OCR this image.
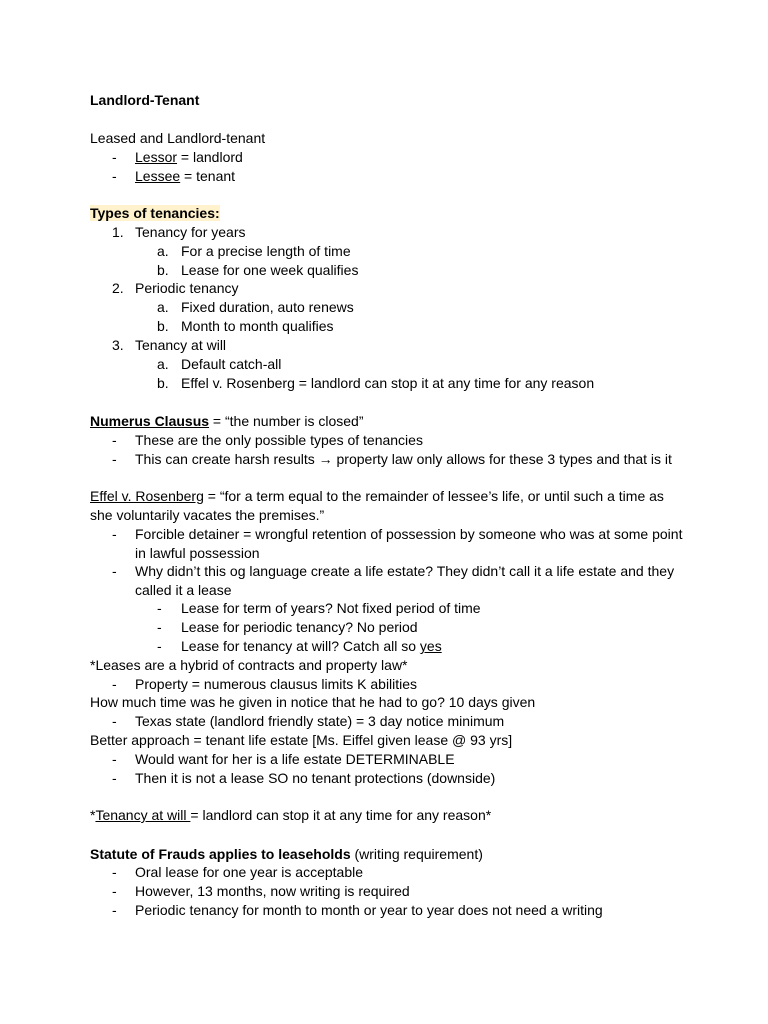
Landlord-Tenant
Leased and Landlord-tenant
- Lessor = landlord
- Lessee = tenant
Types of tenancies:
1. Tenancy for years
a. For a precise length of time
b. Lease for one week qualifies
2. Periodic tenancy
a. Fixed duration, auto renews
b. Month to month qualifies
3. Tenancy at will
a. Default catch-all
b. Effel v. Rosenberg = landlord can stop it at any time for any reason
Numerus Clausus = “the number is closed”
- These are the only possible types of tenancies
- This can create harsh results → property law only allows for these 3 types and that is it
Effel v. Rosenberg = “for a term equal to the remainder of lessee’s life, or until such a time as she voluntarily vacates the premises.”
- Forcible detainer = wrongful retention of possession by someone who was at some point in lawful possession
- Why didn’t this og language create a life estate? They didn’t call it a life estate and they called it a lease
- Lease for term of years? Not fixed period of time
- Lease for periodic tenancy? No period
- Lease for tenancy at will? Catch all so yes
*Leases are a hybrid of contracts and property law*
- Property = numerous clausus limits K abilities
How much time was he given in notice that he had to go? 10 days given
- Texas state (landlord friendly state) = 3 day notice minimum
Better approach = tenant life estate [Ms. Eiffel given lease @ 93 yrs]
- Would want for her is a life estate DETERMINABLE
- Then it is not a lease SO no tenant protections (downside)
*Tenancy at will = landlord can stop it at any time for any reason*
Statute of Frauds applies to leaseholds (writing requirement)
- Oral lease for one year is acceptable
- However, 13 months, now writing is required
- Periodic tenancy for month to month or year to year does not need a writing
